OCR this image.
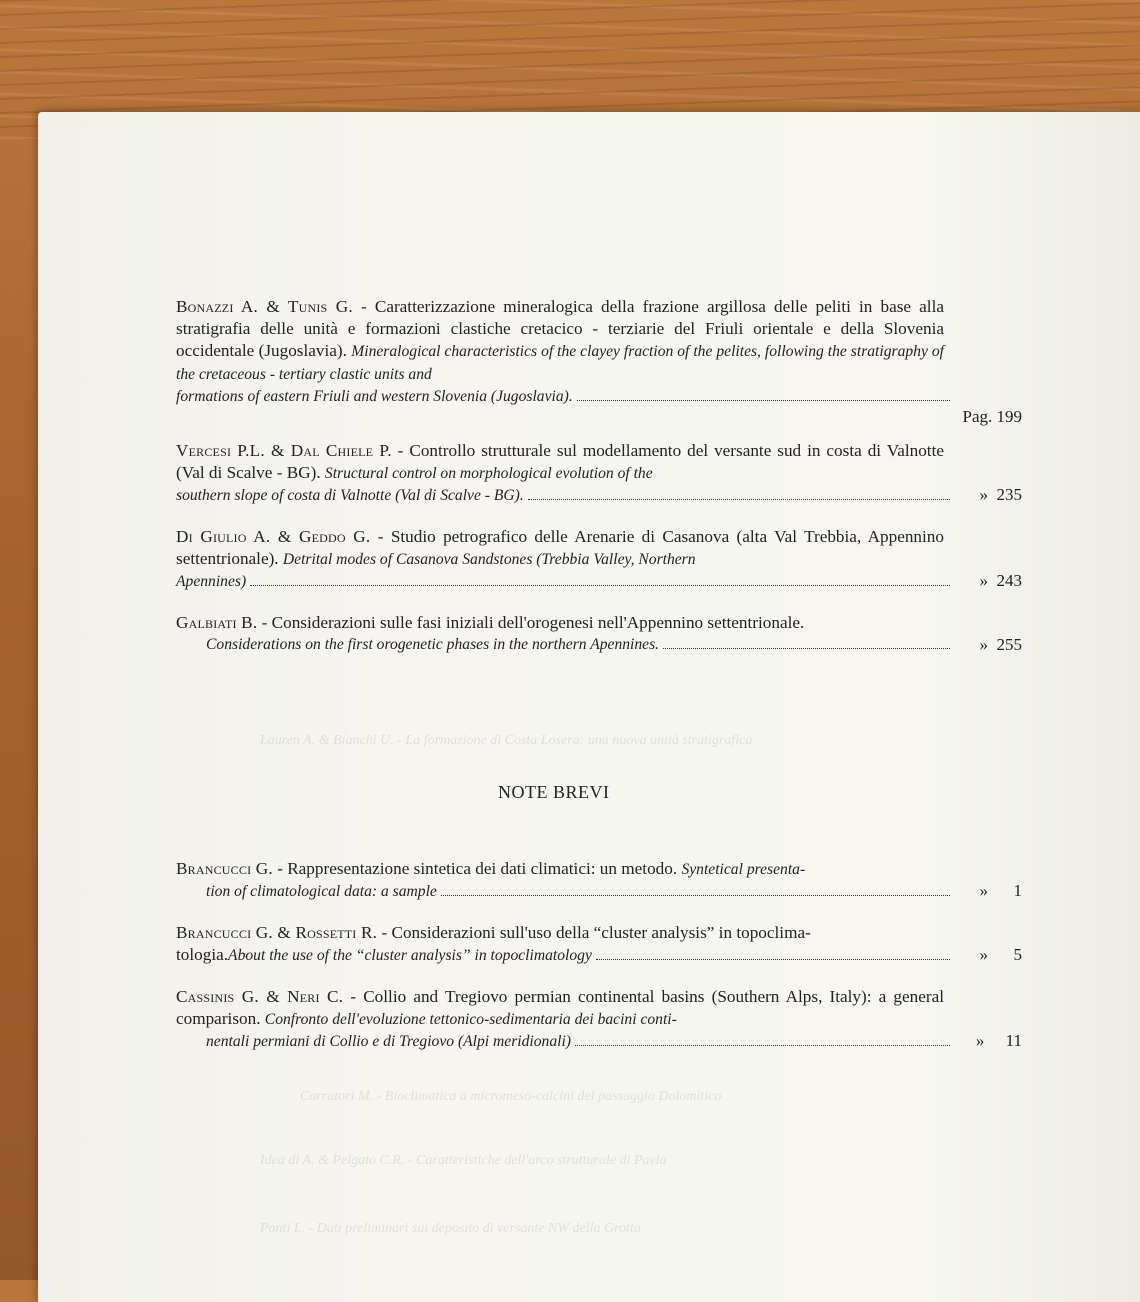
Lauren A. & Bianchi U. - La formazione di Costa Losera: una nuova unità stratigrafica
Carratori M. - Bioclimatica a micromeso-calcini del passaggio Dolomitico
Idea di A. & Pelgato C.R. - Caratteristiche dell'arco strutturale di Pavia
Ponti L. - Dati preliminari sui deposito di versante NW della Grotta
Bonazzi A. & Tunis G. - Caratterizzazione mineralogica della frazione argillosa delle peliti in base alla stratigrafia delle unità e formazioni clastiche cretacico - terziarie del Friuli orientale e della Slovenia occidentale (Jugoslavia). Mineralogical characteristics of the clayey fraction of the pelites, following the stratigraphy of the cretaceous - tertiary clastic units and
formations of eastern Friuli and western Slovenia (Jugoslavia).
Pag. 199
Vercesi P.L. & Dal Chiele P. - Controllo strutturale sul modellamento del versante sud in costa di Valnotte (Val di Scalve - BG). Structural control on morphological evolution of the
southern slope of costa di Valnotte (Val di Scalve - BG).	» 235
Di Giulio A. & Geddo G. - Studio petrografico delle Arenarie di Casanova (alta Val Trebbia, Appennino settentrionale). Detrital modes of Casanova Sandstones (Trebbia Valley, Northern
Apennines)	» 243
Galbiati B. - Considerazioni sulle fasi iniziali dell'orogenesi nell'Appennino settentrionale.
Considerations on the first orogenetic phases in the northern Apennines.	» 255
NOTE BREVI
Brancucci G. - Rappresentazione sintetica dei dati climatici: un metodo. Syntetical presenta-
tion of climatological data: a sample	» 1
Brancucci G. & Rossetti R. - Considerazioni sull'uso della “cluster analysis” in topoclima-
tologia. About the use of the “cluster analysis” in topoclimatology	» 5
Cassinis G. & Neri C. - Collio and Tregiovo permian continental basins (Southern Alps, Italy): a general comparison. Confronto dell'evoluzione tettonico-sedimentaria dei bacini conti-
nentali permiani di Collio e di Tregiovo (Alpi meridionali)	» 11
